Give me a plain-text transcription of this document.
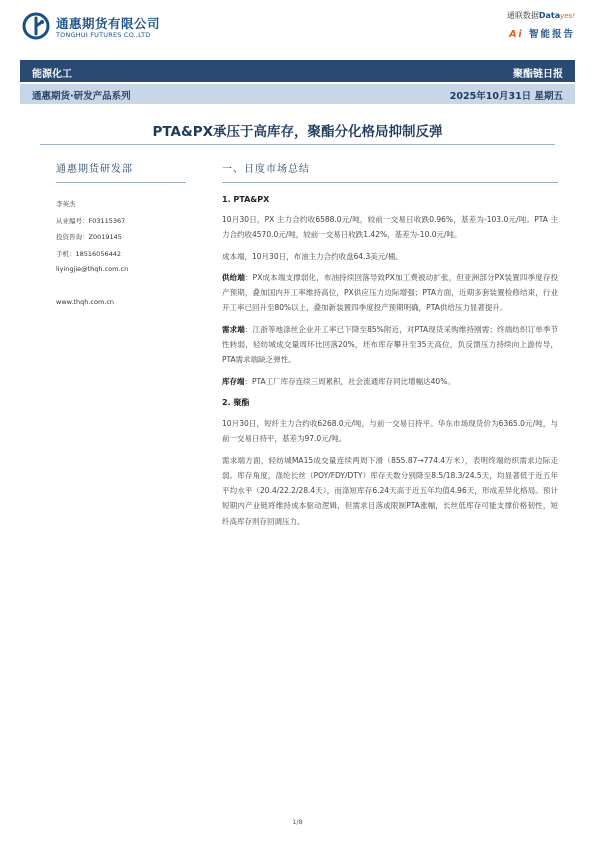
通惠期货有限公司
TONGHUI FUTURES CO.,LTD
通联数据Datayes!
Ai 智能报告
能源化工	聚酯链日报
通惠期货·研发产品系列	2025年10月31日 星期五
PTA&PX承压于高库存，聚酯分化格局抑制反弹
通惠期货研发部
李英杰
从业编号：F03115367
投资咨询：Z0019145
手机：18516056442
liyingjie@thqh.com.cn
www.thqh.com.cn
一、日度市场总结
1. PTA&PX

10月30日，PX 主力合约收6588.0元/吨，较前一交易日收跌0.96%，基差为-103.0元/吨。PTA 主力合约收4570.0元/吨，较前一交易日收跌1.42%，基差为-10.0元/吨。

成本端，10月30日，布油主力合约收盘64.3美元/桶。

供给端：PX成本端支撑弱化，布油持续回落导致PX加工费被动扩张，但亚洲部分PX装置四季度存投产预期，叠加国内开工率维持高位，PX供应压力边际增强；PTA方面，近期多套装置检修结束，行业开工率已回升至80%以上，叠加新装置四季度投产预期明确，PTA供给压力显著提升。

需求端：江浙等地涤丝企业开工率已下降至85%附近，对PTA现货采购维持刚需；终端纺织订单季节性转弱，轻纺城成交量周环比回落20%，坯布库存攀升至35天高位，负反馈压力持续向上游传导，PTA需求端缺乏弹性。

库存端：PTA工厂库存连续三周累积，社会流通库存同比增幅达40%。

2. 聚酯

10月30日，短纤主力合约收6268.0元/吨，与前一交易日持平。华东市场现货价为6365.0元/吨，与前一交易日持平，基差为97.0元/吨。

需求端方面，轻纺城MA15成交量连续两周下滑（855.87→774.4万米），表明终端纺织需求边际走弱。库存角度，涤纶长丝（POY/FDY/DTY）库存天数分别降至8.5/18.3/24.5天，均显著低于近五年平均水平（20.4/22.2/28.4天），而涤短库存6.24天高于近五年均值4.96天，形成差异化格局。预计短期内产业链将维持成本驱动逻辑，但需求目落或限制PTA涨幅，长丝低库存可能支撑价格韧性，短纤高库存则存回调压力。

1/8
